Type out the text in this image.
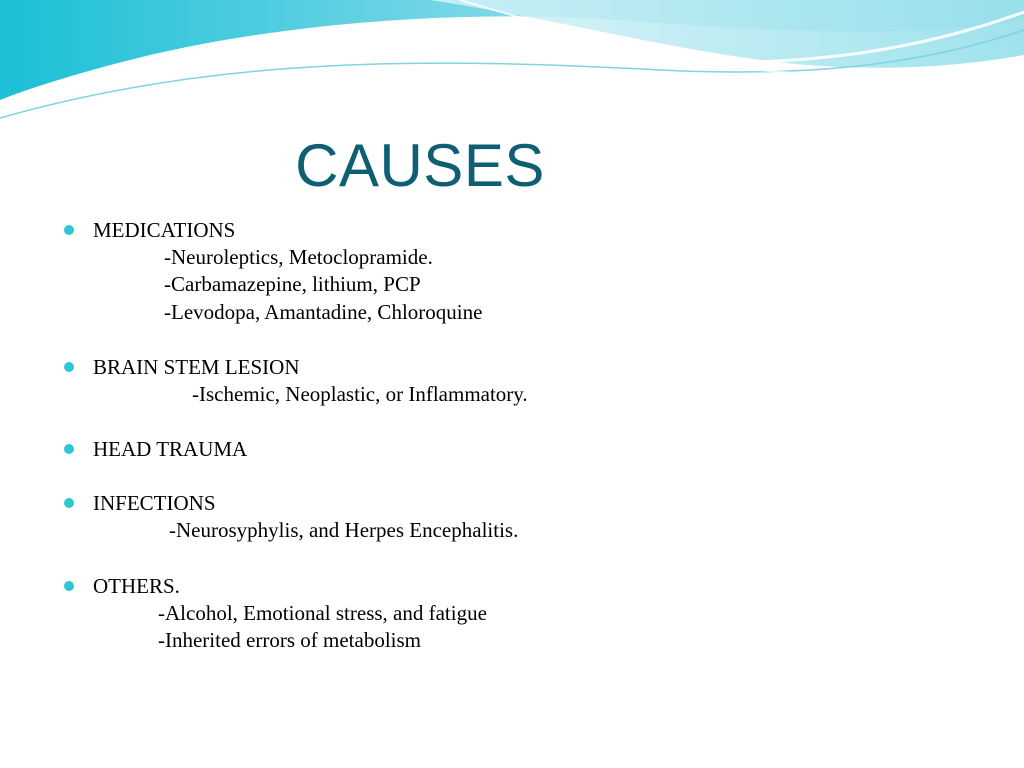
CAUSES
MEDICATIONS
-Neuroleptics, Metoclopramide.
-Carbamazepine, lithium, PCP
-Levodopa, Amantadine, Chloroquine
BRAIN STEM LESION
-Ischemic, Neoplastic, or Inflammatory.
HEAD TRAUMA
INFECTIONS
-Neurosyphylis, and Herpes Encephalitis.
OTHERS.
-Alcohol, Emotional stress, and fatigue
-Inherited errors of metabolism
